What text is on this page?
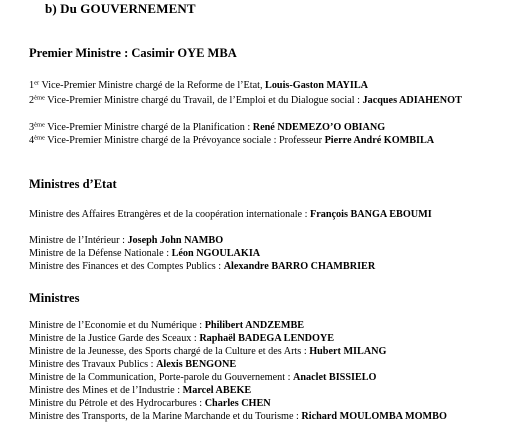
b) Du GOUVERNEMENT
Premier Ministre : Casimir OYE MBA
1er Vice-Premier Ministre chargé de la Reforme de l’Etat, Louis-Gaston MAYILA
2ème Vice-Premier Ministre chargé du Travail, de l’Emploi et du Dialogue social : Jacques ADIAHENOT
3ème Vice-Premier Ministre chargé de la Planification : René NDEMEZO’O OBIANG
4ème Vice-Premier Ministre chargé de la Prévoyance sociale : Professeur Pierre André KOMBILA
Ministres d’Etat
Ministre des Affaires Etrangères et de la coopération internationale : François BANGA EBOUMI
Ministre de l’Intérieur : Joseph John NAMBO
Ministre de la Défense Nationale : Léon NGOULAKIA
Ministre des Finances et des Comptes Publics : Alexandre BARRO CHAMBRIER
Ministres
Ministre de l’Economie et du Numérique : Philibert ANDZEMBE
Ministre de la Justice Garde des Sceaux : Raphaël BADEGA LENDOYE
Ministre de la Jeunesse, des Sports chargé de la Culture et des Arts : Hubert MILANG
Ministre des Travaux Publics : Alexis BENGONE
Ministre de la Communication, Porte-parole du Gouvernement : Anaclet BISSIELO
Ministre des Mines et de l’Industrie : Marcel ABEKE
Ministre du Pétrole et des Hydrocarbures : Charles CHEN
Ministre des Transports, de la Marine Marchande et du Tourisme : Richard MOULOMBA MOMBO
